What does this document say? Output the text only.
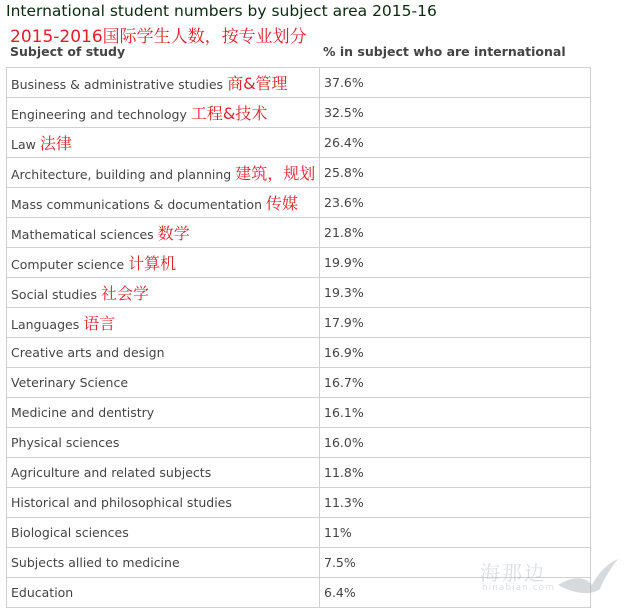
International student numbers by subject area 2015-16
2015-2016国际学生人数，按专业划分
Subject of study	% in subject who are international
Business & administrative studies 商&管理	37.6%
Engineering and technology 工程&技术	32.5%
Law 法律	26.4%
Architecture, building and planning 建筑，规划	25.8%
Mass communications & documentation 传媒	23.6%
Mathematical sciences 数学	21.8%
Computer science 计算机	19.9%
Social studies 社会学	19.3%
Languages 语言	17.9%
Creative arts and design	16.9%
Veterinary Science	16.7%
Medicine and dentistry	16.1%
Physical sciences	16.0%
Agriculture and related subjects	11.8%
Historical and philosophical studies	11.3%
Biological sciences	11%
Subjects allied to medicine	7.5%
Education	6.4%
海那边
hinabian.com
